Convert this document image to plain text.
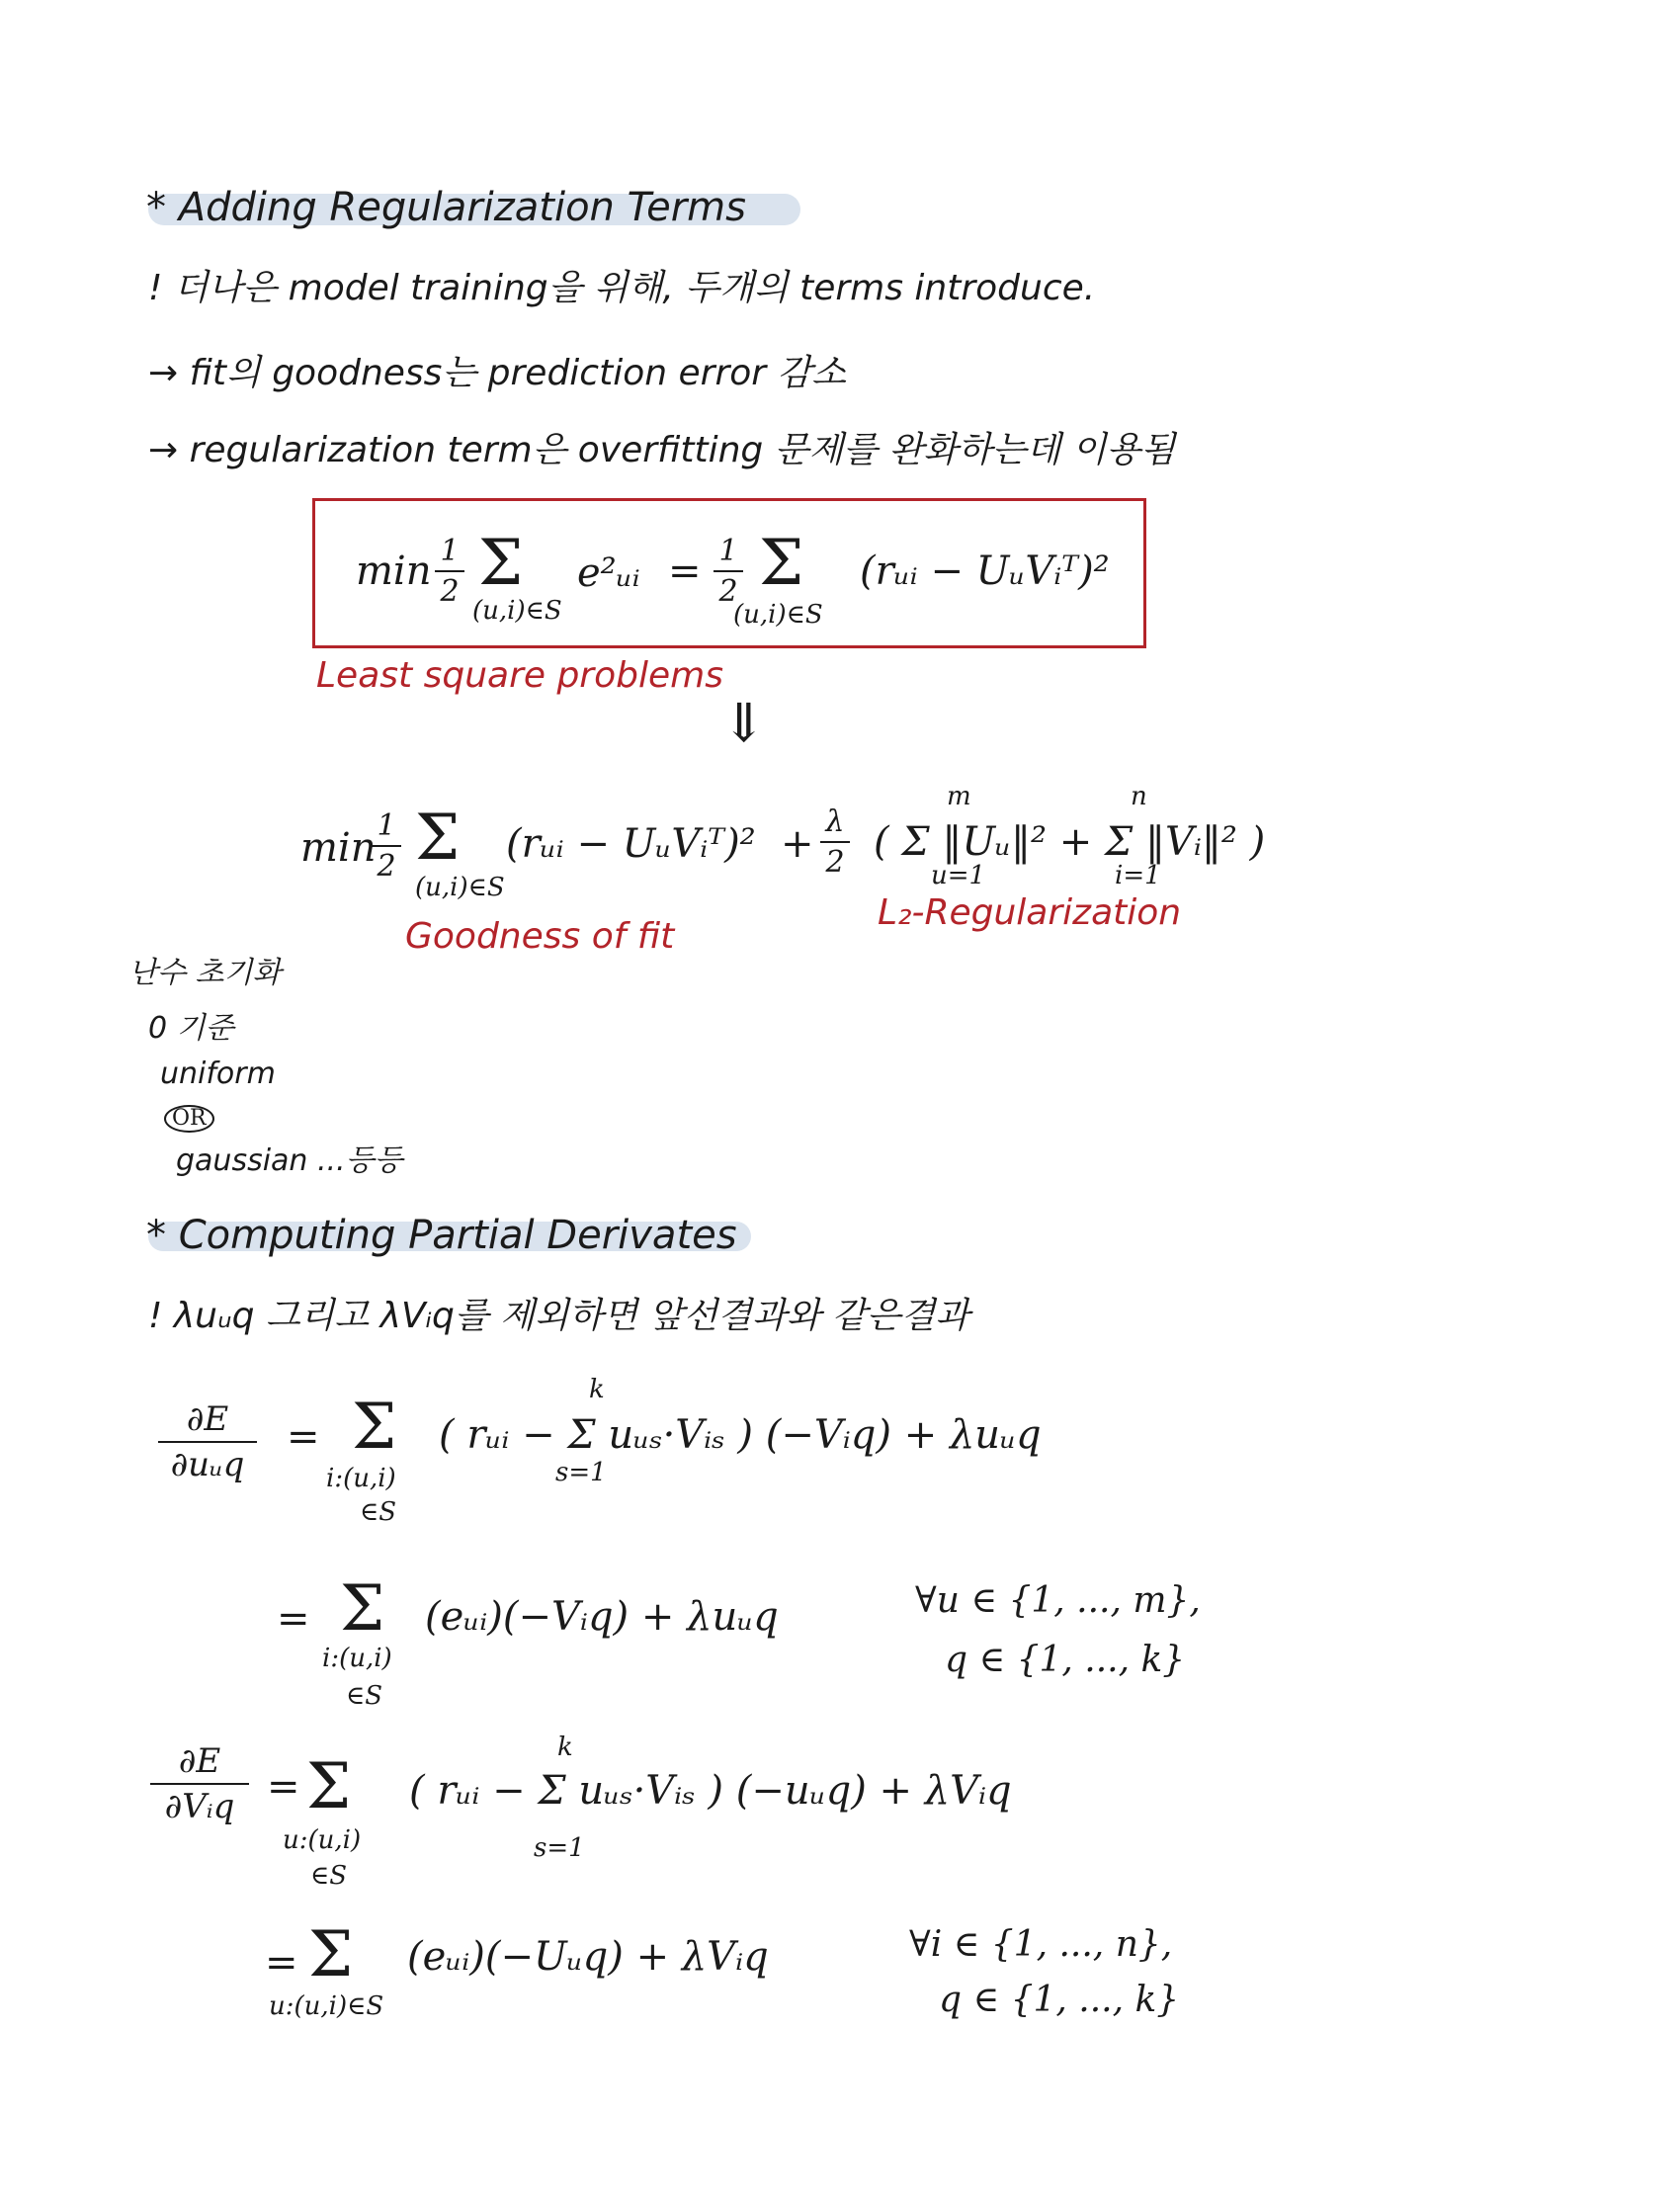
* Adding Regularization Terms
! 더나은 model training을 위해, 두개의 terms introduce.
→ fit의 goodness는 prediction error 감소
→ regularization term은 overfitting 문제를 완화하는데 이용됨
min 1
2 Σ
(u,i)∈S
e²ᵤᵢ = 1
2 Σ
(u,i)∈S
(rᵤᵢ − UᵤVᵢᵀ)²
Least square problems
⇓
min 1
2 Σ
(u,i)∈S
(rᵤᵢ − UᵤVᵢᵀ)² + λ
2 ( Σ ‖Uᵤ‖² + Σ ‖Vᵢ‖² )
m
u=1
n
i=1
Goodness of fit
L₂-Regularization
난수 초기화
0 기준
uniform
OR
gaussian ...등등
* Computing Partial Derivates
! λuᵤq 그리고 λVᵢq를 제외하면 앞선결과와 같은결과
∂E
∂uᵤq
= Σ
i:(u,i)
∈S
( rᵤᵢ − Σ uᵤₛ·Vᵢₛ ) (−Vᵢq) + λuᵤq
k
s=1
= Σ
i:(u,i)
∈S
(eᵤᵢ)(−Vᵢq) + λuᵤq	∀u ∈ {1, ..., m},
q ∈ {1, ..., k}
∂E
∂Vᵢq = Σ
u:(u,i)
∈S
( rᵤᵢ − Σ uᵤₛ·Vᵢₛ ) (−uᵤq) + λVᵢq
k
s=1
= Σ
u:(u,i)∈S
(eᵤᵢ)(−Uᵤq) + λVᵢq	∀i ∈ {1, ..., n},
q ∈ {1, ..., k}
